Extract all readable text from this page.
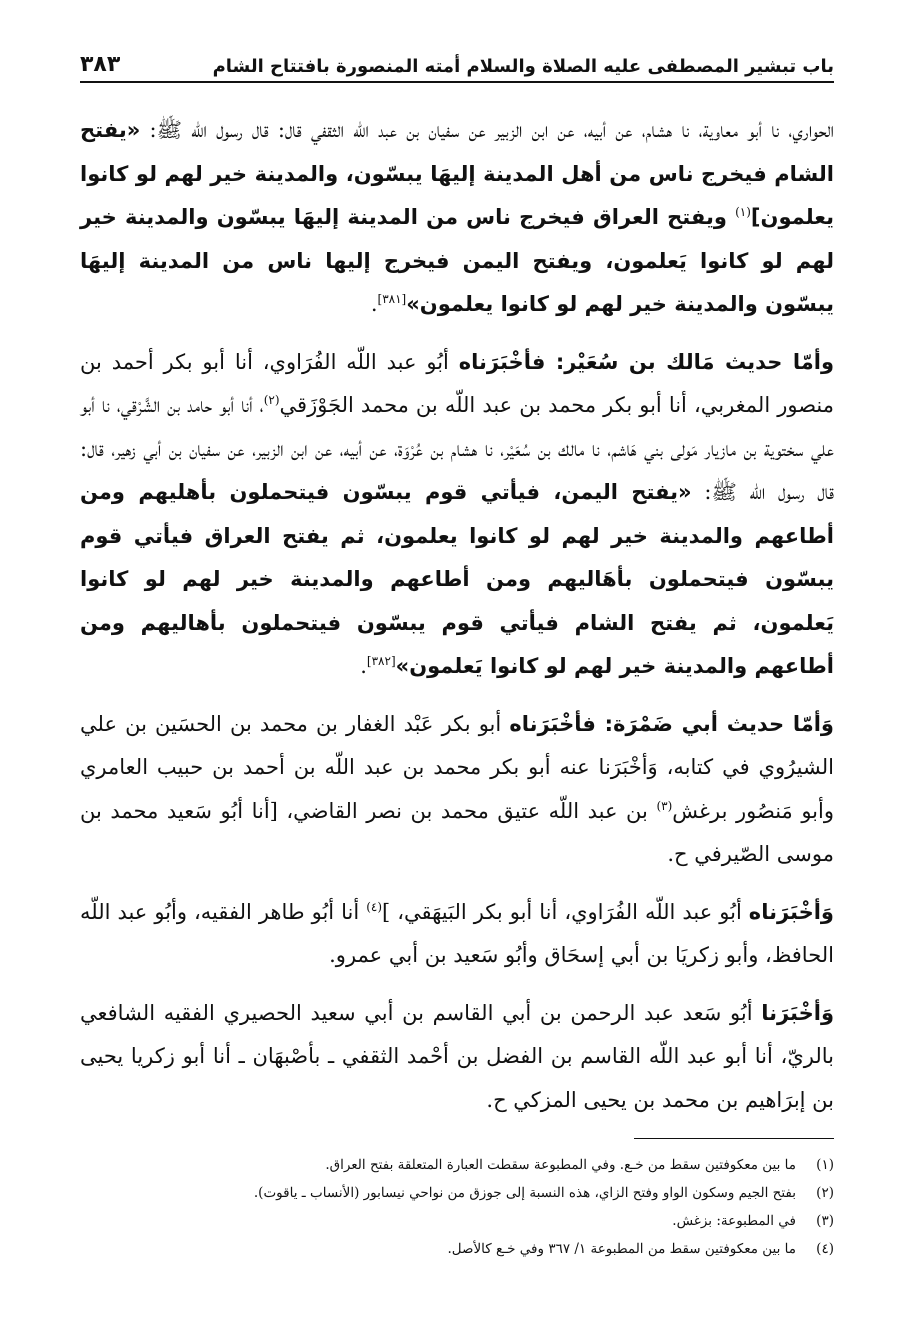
باب تبشير المصطفى عليه الصلاة والسلام أمته المنصورة بافتتاح الشام
٣٨٣

الحواري، نا أبو معاوية، نا هشام، عن أبيه، عن ابن الزبير عن سفيان بن عبد الله الثقفي قال: قال رسول الله ﷺ: «يفتح الشام فيخرج ناس من أهل المدينة إليهَا يبسّون، والمدينة خير لهم لو كانوا يعلمون]$^{(١)}$ ويفتح العراق فيخرج ناس من المدينة إليهَا يبسّون والمدينة خير لهم لو كانوا يَعلمون، ويفتح اليمن فيخرج إليها ناس من المدينة إليهَا يبسّون والمدينة خير لهم لو كانوا يعلمون»[٣٨١].

وأمّا حديث مَالك بن سُعَيْر: فأخْبَرَناه أبُو عبد اللّه الفُرَاوي، أنا أبو بكر أحمد بن منصور المغربي، أنا أبو بكر محمد بن عبد اللّه بن محمد الجَوْزَقي$^{(٢)}$، أنا أبو حامد بن الشَّرْقي، نا أبو علي سختوية بن مازيار مَولى بني هَاشم، نا مالك بن سُعَيْر، نا هشام بن عُرْوَة، عن أبيه، عن ابن الزبير، عن سفيان بن أبي زهير، قال: قال رسول الله ﷺ: «يفتح اليمن، فيأتي قوم يبسّون فيتحملون بأهليهم ومن أطاعهم والمدينة خير لهم لو كانوا يعلمون، ثم يفتح العراق فيأتي قوم يبسّون فيتحملون بأهَاليهم ومن أطاعهم والمدينة خير لهم لو كانوا يَعلمون، ثم يفتح الشام فيأتي قوم يبسّون فيتحملون بأهاليهم ومن أطاعهم والمدينة خير لهم لو كانوا يَعلمون»[٣٨٢].

وَأمّا حديث أبي ضَمْرَة: فأخْبَرَناه أبو بكر عَبْد الغفار بن محمد بن الحسَين بن علي الشيرُوي في كتابه، وَأخْبَرَنا عنه أبو بكر محمد بن عبد اللّه بن أحمد بن حبيب العامري وأبو مَنصُور برغش$^{(٣)}$ بن عبد اللّه عتيق محمد بن نصر القاضي، [أنا أبُو سَعيد محمد بن موسى الصّيرفي ح.

وَأخْبَرَناه أبُو عبد اللّه الفُرَاوي، أنا أبو بكر البَيهَقي، ]$^{(٤)}$ أنا أبُو طاهر الفقيه، وأبُو عبد اللّه الحافظ، وأبو زكريَا بن أبي إسحَاق وأبُو سَعيد بن أبي عمرو.

وَأخْبَرَنا أبُو سَعد عبد الرحمن بن أبي القاسم بن أبي سعيد الحصيري الفقيه الشافعي بالريّ، أنا أبو عبد اللّه القاسم بن الفضل بن أحْمد الثقفي ـ بأصْبهَان ـ أنا أبو زكريا يحيى بن إبرَاهيم بن محمد بن يحيى المزكي ح.

(١)
ما بين معكوفتين سقط من خـع. وفي المطبوعة سقطت العبارة المتعلقة بفتح العراق.
(٢)
بفتح الجيم وسكون الواو وفتح الزاي، هذه النسبة إلى جوزق من نواحي نيسابور (الأنساب ـ ياقوت).
(٣)
في المطبوعة: بزغش.
(٤)
ما بين معكوفتين سقط من المطبوعة ١/ ٣٦٧ وفي خـع كالأصل.
